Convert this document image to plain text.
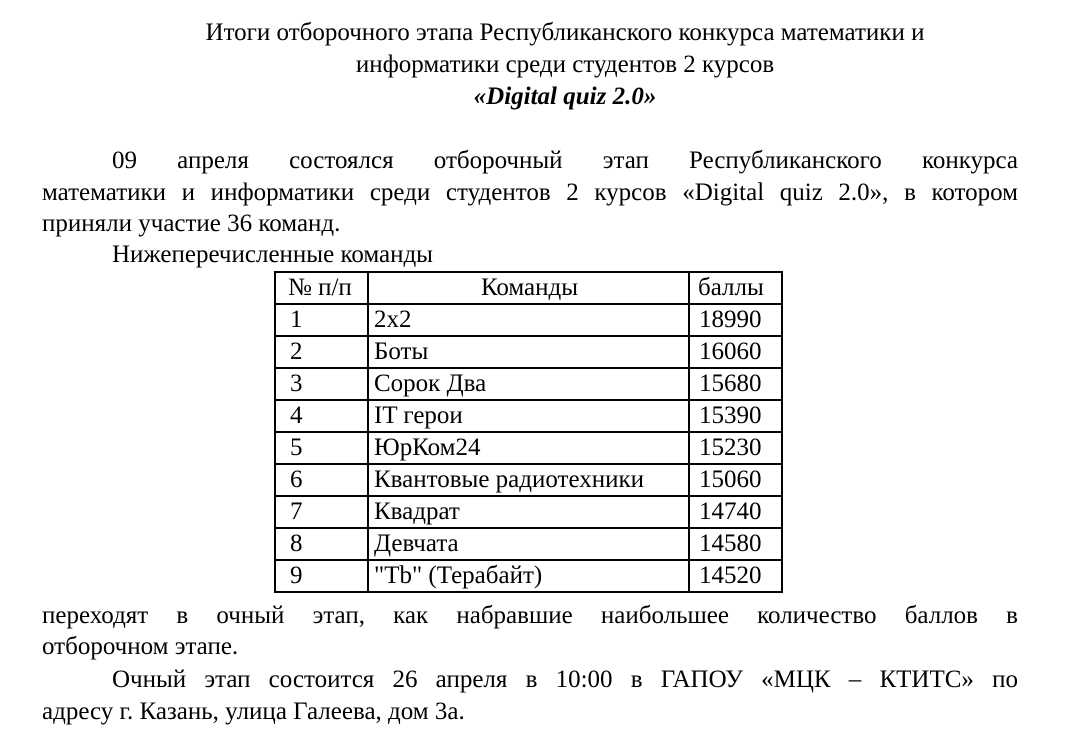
Итоги отборочного этапа Республиканского конкурса математики и
информатики среди студентов 2 курсов
«Digital quiz 2.0»
09 апреля состоялся отборочный этап Республиканского конкурса
математики и информатики среди студентов 2 курсов «Digital quiz 2.0», в котором
приняли участие 36 команд.
Нижеперечисленные команды
№ п/п	Команды	баллы
1	2х2	18990
2	Боты	16060
3	Сорок Два	15680
4	IT герои	15390
5	ЮрКом24	15230
6	Квантовые радиотехники	15060
7	Квадрат	14740
8	Девчата	14580
9	"Tb" (Терабайт)	14520
переходят в очный этап, как набравшие наибольшее количество баллов в
отборочном этапе.
Очный этап состоится 26 апреля в 10:00 в ГАПОУ «МЦК – КТИТС» по
адресу г. Казань, улица Галеева, дом 3а.
